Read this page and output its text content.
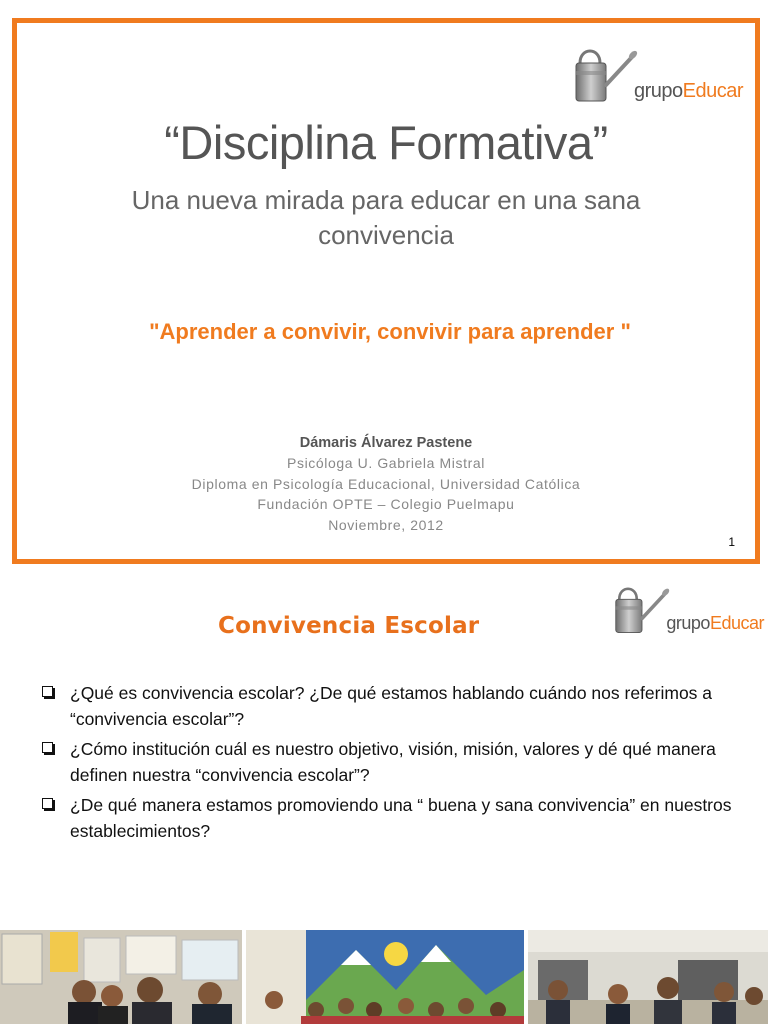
grupoEducar
“Disciplina Formativa”
Una nueva mirada para educar en una sana convivencia
"Aprender a convivir, convivir para aprender "
Dámaris Álvarez Pastene
Psicóloga U. Gabriela Mistral
Diploma en Psicología Educacional, Universidad Católica
Fundación OPTE – Colegio Puelmapu
Noviembre, 2012
1
grupoEducar
Convivencia Escolar
¿Qué es convivencia escolar? ¿De qué estamos hablando cuándo nos referimos a “convivencia escolar”?
¿Cómo institución cuál es nuestro objetivo, visión, misión, valores y dé qué manera definen nuestra “convivencia escolar”?
¿De qué manera estamos promoviendo una “ buena y sana convivencia” en nuestros establecimientos?
